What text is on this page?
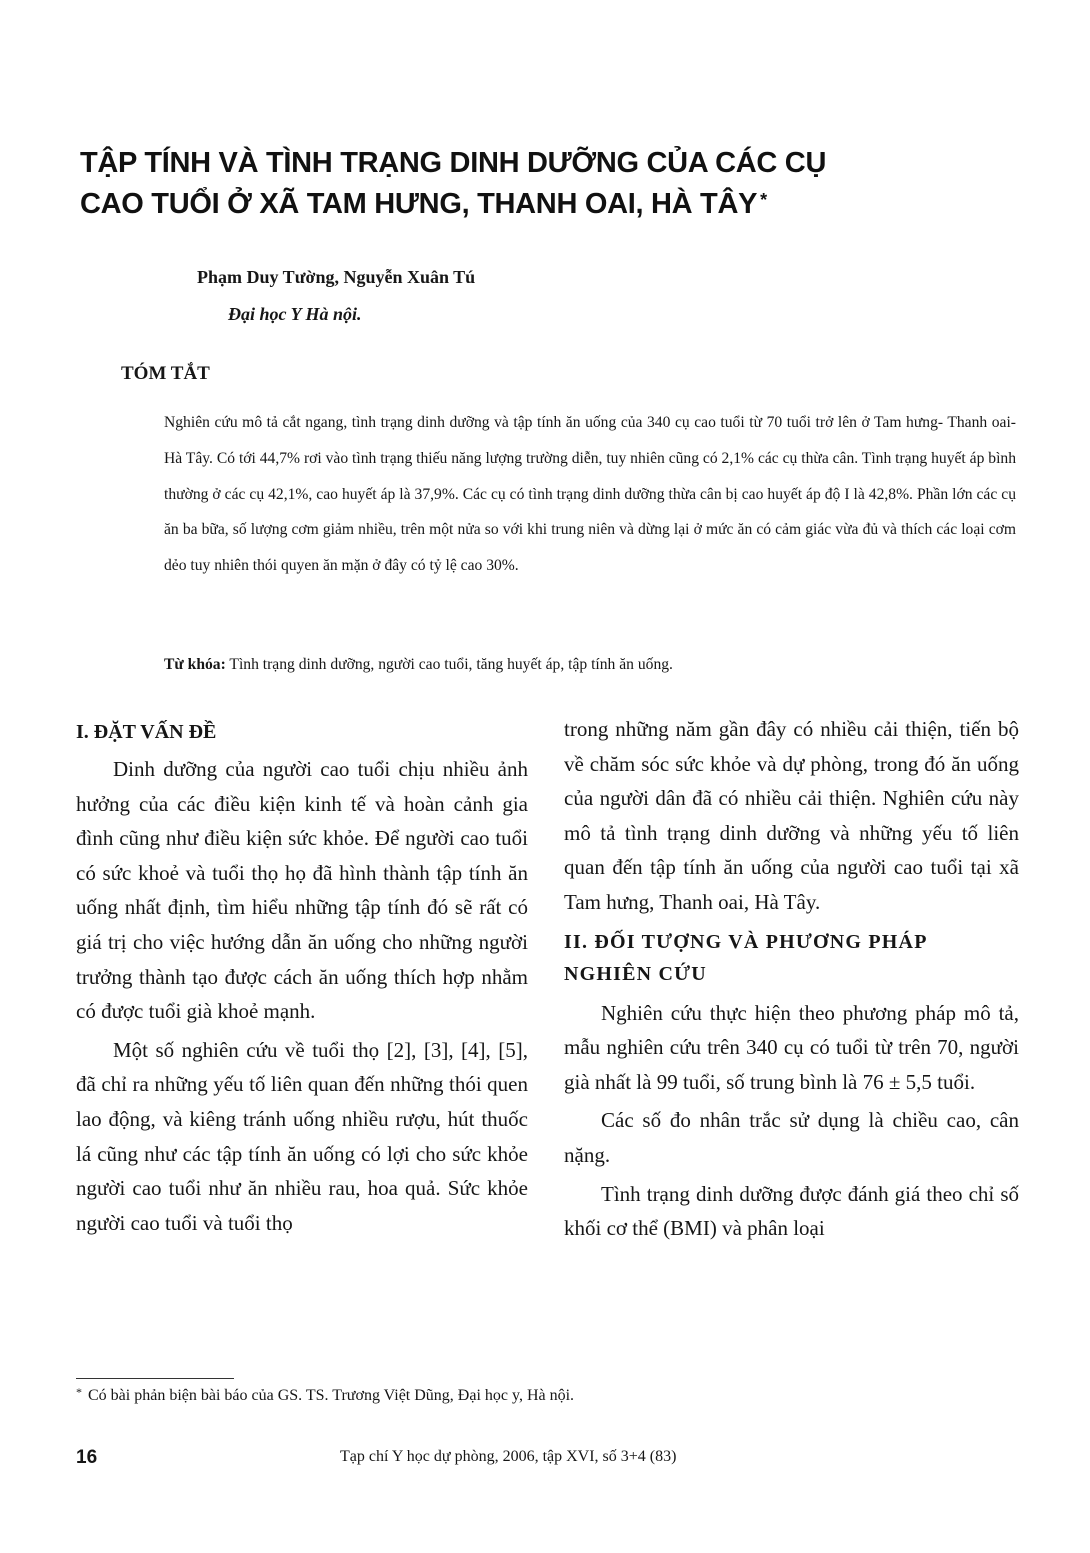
TẬP TÍNH VÀ TÌNH TRẠNG DINH DƯỠNG CỦA CÁC CỤ
CAO TUỔI Ở XÃ TAM HƯNG, THANH OAI, HÀ TÂY *
Phạm Duy Tường, Nguyễn Xuân Tú
Đại học Y Hà nội.
TÓM TẮT

Nghiên cứu mô tả cắt ngang, tình trạng dinh dưỡng và tập tính ăn uống của 340 cụ cao tuổi từ 70 tuổi trở lên ở Tam hưng- Thanh oai- Hà Tây. Có tới 44,7% rơi vào tình trạng thiếu năng lượng trường diễn, tuy nhiên cũng có 2,1% các cụ thừa cân. Tình trạng huyết áp bình thường ở các cụ 42,1%, cao huyết áp là 37,9%. Các cụ có tình trạng dinh dưỡng thừa cân bị cao huyết áp độ I là 42,8%. Phần lớn các cụ ăn ba bữa, số lượng cơm giảm nhiều, trên một nửa so với khi trung niên và dừng lại ở mức ăn có cảm giác vừa đủ và thích các loại cơm dẻo tuy nhiên thói quyen ăn mặn ở đây có tỷ lệ cao 30%.

Từ khóa: Tình trạng dinh dưỡng, người cao tuổi, tăng huyết áp, tập tính ăn uống.

I. ĐẶT VẤN ĐỀ

Dinh dưỡng của người cao tuổi chịu nhiều ảnh hưởng của các điều kiện kinh tế và hoàn cảnh gia đình cũng như điều kiện sức khỏe. Để người cao tuổi có sức khoẻ và tuổi thọ họ đã hình thành tập tính ăn uống nhất định, tìm hiểu những tập tính đó sẽ rất có giá trị cho việc hướng dẫn ăn uống cho những người trưởng thành tạo được cách ăn uống thích hợp nhằm có được tuổi già khoẻ mạnh.

Một số nghiên cứu về tuổi thọ [2], [3], [4], [5], đã chỉ ra những yếu tố liên quan đến những thói quen lao động, và kiêng tránh uống nhiều rượu, hút thuốc lá cũng như các tập tính ăn uống có lợi cho sức khỏe người cao tuổi như ăn nhiều rau, hoa quả. Sức khỏe người cao tuổi và tuổi thọ

trong những năm gần đây có nhiều cải thiện, tiến bộ về chăm sóc sức khỏe và dự phòng, trong đó ăn uống của người dân đã có nhiều cải thiện. Nghiên cứu này mô tả tình trạng dinh dưỡng và những yếu tố liên quan đến tập tính ăn uống của người cao tuổi tại xã Tam hưng, Thanh oai, Hà Tây.

II. ĐỐI TƯỢNG VÀ PHƯƠNG PHÁP NGHIÊN CỨU

Nghiên cứu thực hiện theo phương pháp mô tả, mẫu nghiên cứu trên 340 cụ có tuổi từ trên 70, người già nhất là 99 tuổi, số trung bình là 76 ± 5,5 tuổi.

Các số đo nhân trắc sử dụng là chiều cao, cân nặng.

Tình trạng dinh dưỡng được đánh giá theo chỉ số khối cơ thể (BMI) và phân loại

* Có bài phản biện bài báo của GS. TS. Trương Việt Dũng, Đại học y, Hà nội.
16	Tạp chí Y học dự phòng, 2006, tập XVI, số 3+4 (83)
